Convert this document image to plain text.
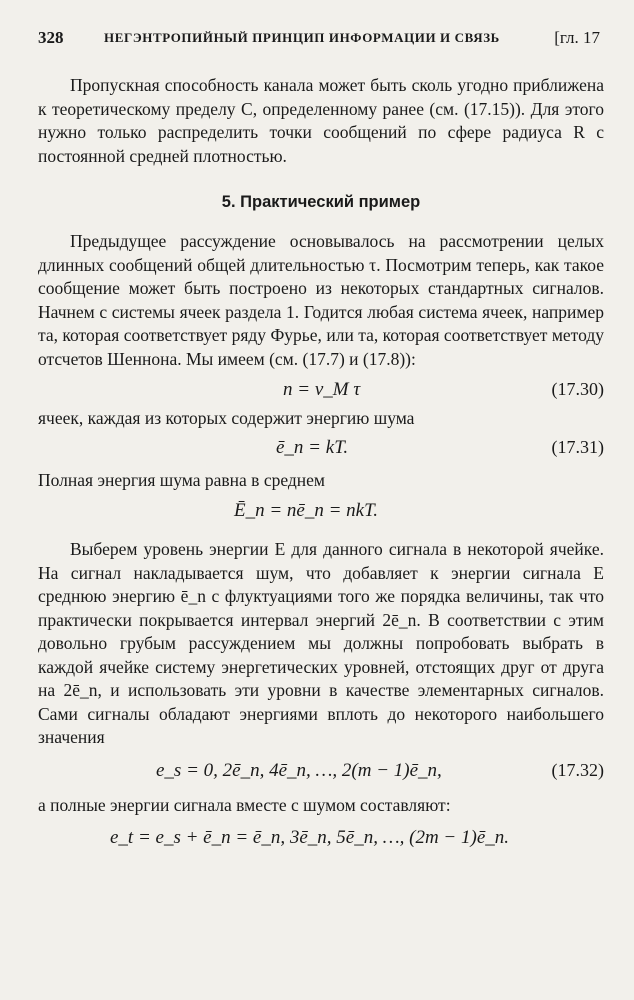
328	НЕГЭНТРОПИЙНЫЙ ПРИНЦИП ИНФОРМАЦИИ И СВЯЗЬ	[гл. 17

Пропускная способность канала может быть сколь угодно приближена к теоретическому пределу C, определенному ранее (см. (17.15)). Для этого нужно только распределить точки сообщений по сфере радиуса R с постоянной средней плотностью.

5. Практический пример

Предыдущее рассуждение основывалось на рассмотрении целых длинных сообщений общей длительностью τ. Посмотрим теперь, как такое сообщение может быть построено из некоторых стандартных сигналов. Начнем с системы ячеек раздела 1. Годится любая система ячеек, например та, которая соответствует ряду Фурье, или та, которая соответствует методу отсчетов Шеннона. Мы имеем (см. (17.7) и (17.8)):

n = ν_M τ	(17.30)

ячеек, каждая из которых содержит энергию шума

ē_n = kT.	(17.31)

Полная энергия шума равна в среднем

Ē_n = nē_n = nkT.

Выберем уровень энергии E для данного сигнала в некоторой ячейке. На сигнал накладывается шум, что добавляет к энергии сигнала E среднюю энергию ē_n с флуктуациями того же порядка величины, так что практически покрывается интервал энергий 2ē_n. В соответствии с этим довольно грубым рассуждением мы должны попробовать выбрать в каждой ячейке систему энергетических уровней, отстоящих друг от друга на 2ē_n, и использовать эти уровни в качестве элементарных сигналов. Сами сигналы обладают энергиями вплоть до некоторого наибольшего значения

e_s = 0, 2ē_n, 4ē_n, …, 2(m − 1)ē_n,	(17.32)

а полные энергии сигнала вместе с шумом составляют:

e_t = e_s + ē_n = ē_n, 3ē_n, 5ē_n, …, (2m − 1)ē_n.
